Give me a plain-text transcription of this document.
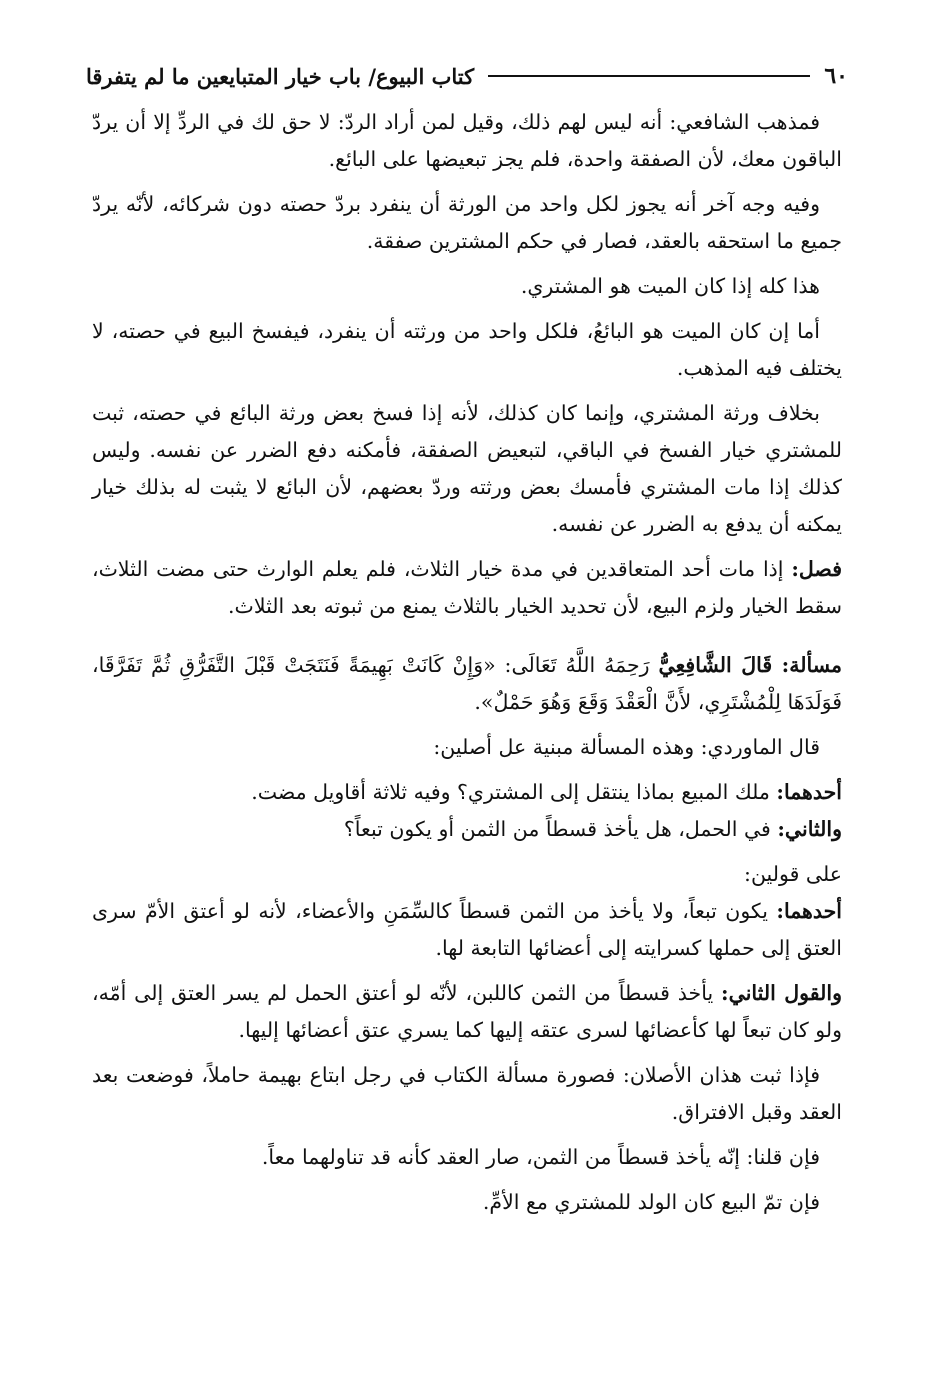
٦٠
كتاب البيوع/ باب خيار المتبايعين ما لم يتفرقا

فمذهب الشافعي: أنه ليس لهم ذلك، وقيل لمن أراد الردّ: لا حق لك في الردِّ إلا أن يردّ الباقون معك، لأن الصفقة واحدة، فلم يجز تبعيضها على البائع.

وفيه وجه آخر أنه يجوز لكل واحد من الورثة أن ينفرد بردّ حصته دون شركائه، لأنّه يردّ جميع ما استحقه بالعقد، فصار في حكم المشترين صفقة.

هذا كله إذا كان الميت هو المشتري.

أما إن كان الميت هو البائعُ، فلكل واحد من ورثته أن ينفرد، فيفسخ البيع في حصته، لا يختلف فيه المذهب.

بخلاف ورثة المشتري، وإنما كان كذلك، لأنه إذا فسخ بعض ورثة البائع في حصته، ثبت للمشتري خيار الفسخ في الباقي، لتبعيض الصفقة، فأمكنه دفع الضرر عن نفسه. وليس كذلك إذا مات المشتري فأمسك بعض ورثته وردّ بعضهم، لأن البائع لا يثبت له بذلك خيار يمكنه أن يدفع به الضرر عن نفسه.

فصل: إذا مات أحد المتعاقدين في مدة خيار الثلاث، فلم يعلم الوارث حتى مضت الثلاث، سقط الخيار ولزم البيع، لأن تحديد الخيار بالثلاث يمنع من ثبوته بعد الثلاث.

مسألة: قَالَ الشَّافِعِيُّ رَحِمَهُ اللَّهُ تَعَالَى: «وَإِنْ كَانَتْ بَهِيمَةً فَنَتَجَتْ قَبْلَ التَّفَرُّقِ ثُمَّ تَفَرَّقَا، فَوَلَدَهَا لِلْمُشْتَرِي، لأَنَّ الْعَقْدَ وَقَعَ وَهُوَ حَمْلٌ».

قال الماوردي: وهذه المسألة مبنية عل أصلين:

أحدهما: ملك المبيع بماذا ينتقل إلى المشتري؟ وفيه ثلاثة أقاويل مضت.

والثاني: في الحمل، هل يأخذ قسطاً من الثمن أو يكون تبعاً؟

على قولين:

أحدهما: يكون تبعاً، ولا يأخذ من الثمن قسطاً كالسِّمَنِ والأعضاء، لأنه لو أعتق الأمّ سرى العتق إلى حملها كسرايته إلى أعضائها التابعة لها.

والقول الثاني: يأخذ قسطاً من الثمن كاللبن، لأنّه لو أعتق الحمل لم يسر العتق إلى أمّه، ولو كان تبعاً لها كأعضائها لسرى عتقه إليها كما يسري عتق أعضائها إليها.

فإذا ثبت هذان الأصلان: فصورة مسألة الكتاب في رجل ابتاع بهيمة حاملاً، فوضعت بعد العقد وقبل الافتراق.

فإن قلنا: إنّه يأخذ قسطاً من الثمن، صار العقد كأنه قد تناولهما معاً.

فإن تمّ البيع كان الولد للمشتري مع الأمِّ.
